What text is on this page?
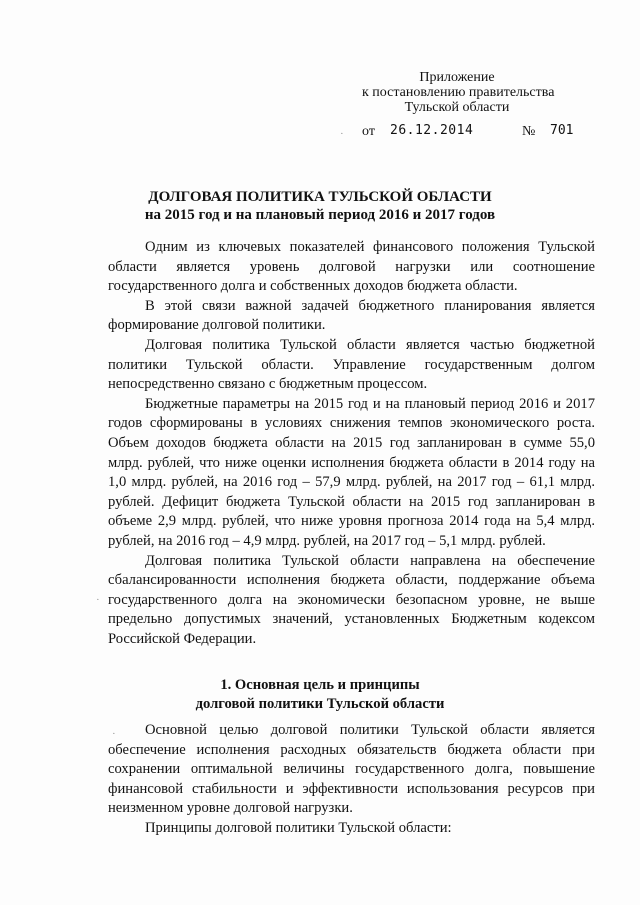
Приложение
к постановлению правительства
Тульской области
от 26.12.2014	№ 701
ДОЛГОВАЯ ПОЛИТИКА ТУЛЬСКОЙ ОБЛАСТИ
на 2015 год и на плановый период 2016 и 2017 годов

Одним из ключевых показателей финансового положения Тульской области является уровень долговой нагрузки или соотношение государственного долга и собственных доходов бюджета области.

В этой связи важной задачей бюджетного планирования является формирование долговой политики.

Долговая политика Тульской области является частью бюджетной политики Тульской области. Управление государственным долгом непосредственно связано с бюджетным процессом.

Бюджетные параметры на 2015 год и на плановый период 2016 и 2017 годов сформированы в условиях снижения темпов экономического роста. Объем доходов бюджета области на 2015 год запланирован в сумме 55,0 млрд. рублей, что ниже оценки исполнения бюджета области в 2014 году на 1,0 млрд. рублей, на 2016 год – 57,9 млрд. рублей, на 2017 год – 61,1 млрд. рублей. Дефицит бюджета Тульской области на 2015 год запланирован в объеме 2,9 млрд. рублей, что ниже уровня прогноза 2014 года на 5,4 млрд. рублей, на 2016 год – 4,9 млрд. рублей, на 2017 год – 5,1 млрд. рублей.

Долговая политика Тульской области направлена на обеспечение сбалансированности исполнения бюджета области, поддержание объема государственного долга на экономически безопасном уровне, не выше предельно допустимых значений, установленных Бюджетным кодексом Российской Федерации.

1. Основная цель и принципы
долговой политики Тульской области

Основной целью долговой политики Тульской области является обеспечение исполнения расходных обязательств бюджета области при сохранении оптимальной величины государственного долга, повышение финансовой стабильности и эффективности использования ресурсов при неизменном уровне долговой нагрузки.

Принципы долговой политики Тульской области:

·
·
·
